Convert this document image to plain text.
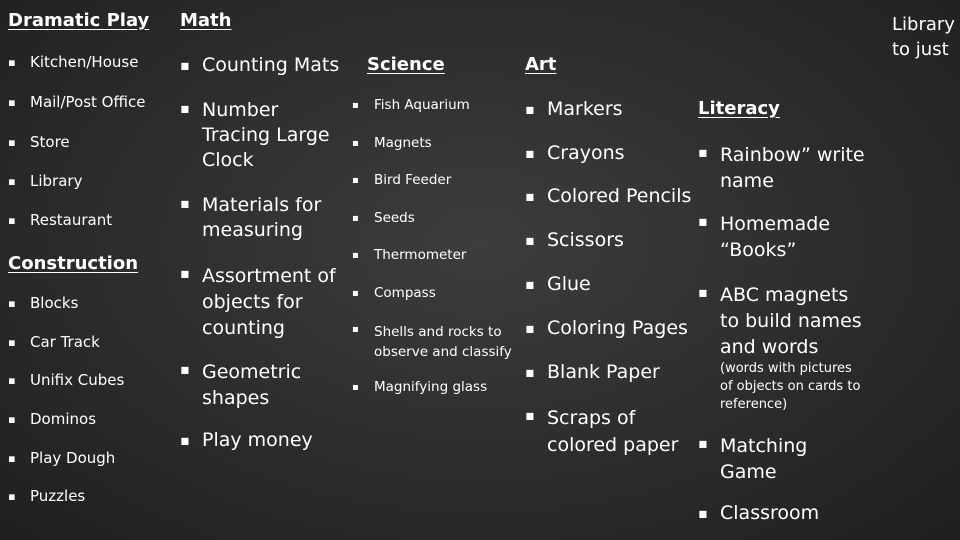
Library
to just
Dramatic Play
▪ Kitchen/House
▪ Mail/Post Office
▪ Store
▪ Library
▪ Restaurant
Construction
▪ Blocks
▪ Car Track
▪ Unifix Cubes
▪ Dominos
▪ Play Dough
▪ Puzzles
Math
▪ Counting Mats
▪ Number
Tracing Large
Clock
▪ Materials for
measuring
▪ Assortment of
objects for
counting
▪ Geometric
shapes
▪ Play money
Science
▪ Fish Aquarium
▪ Magnets
▪ Bird Feeder
▪ Seeds
▪ Thermometer
▪ Compass
▪ Shells and rocks to
observe and classify
▪ Magnifying glass
Art
▪ Markers
▪ Crayons
▪ Colored Pencils
▪ Scissors
▪ Glue
▪ Coloring Pages
▪ Blank Paper
▪ Scraps of
colored paper
Literacy
▪ Rainbow” write
name
▪ Homemade
“Books”
▪ ABC magnets
to build names
and words
(words with pictures
of objects on cards to
reference)
▪ Matching
Game
▪ Classroom
